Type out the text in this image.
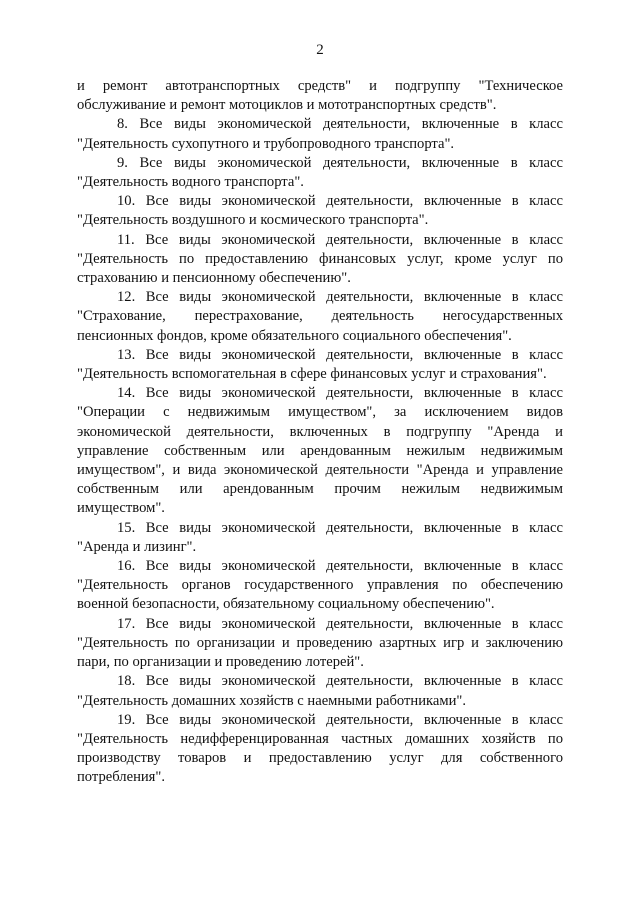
2

и ремонт автотранспортных средств" и подгруппу "Техническое обслуживание и ремонт мотоциклов и мототранспортных средств".

8. Все виды экономической деятельности, включенные в класс "Деятельность сухопутного и трубопроводного транспорта".

9. Все виды экономической деятельности, включенные в класс "Деятельность водного транспорта".

10. Все виды экономической деятельности, включенные в класс "Деятельность воздушного и космического транспорта".

11. Все виды экономической деятельности, включенные в класс "Деятельность по предоставлению финансовых услуг, кроме услуг по страхованию и пенсионному обеспечению".

12. Все виды экономической деятельности, включенные в класс "Страхование, перестрахование, деятельность негосударственных пенсионных фондов, кроме обязательного социального обеспечения".

13. Все виды экономической деятельности, включенные в класс "Деятельность вспомогательная в сфере финансовых услуг и страхования".

14. Все виды экономической деятельности, включенные в класс "Операции с недвижимым имуществом", за исключением видов экономической деятельности, включенных в подгруппу "Аренда и управление собственным или арендованным нежилым недвижимым имуществом", и вида экономической деятельности "Аренда и управление собственным или арендованным прочим нежилым недвижимым имуществом".

15. Все виды экономической деятельности, включенные в класс "Аренда и лизинг".

16. Все виды экономической деятельности, включенные в класс "Деятельность органов государственного управления по обеспечению военной безопасности, обязательному социальному обеспечению".

17. Все виды экономической деятельности, включенные в класс "Деятельность по организации и проведению азартных игр и заключению пари, по организации и проведению лотерей".

18. Все виды экономической деятельности, включенные в класс "Деятельность домашних хозяйств с наемными работниками".

19. Все виды экономической деятельности, включенные в класс "Деятельность недифференцированная частных домашних хозяйств по производству товаров и предоставлению услуг для собственного потребления".
